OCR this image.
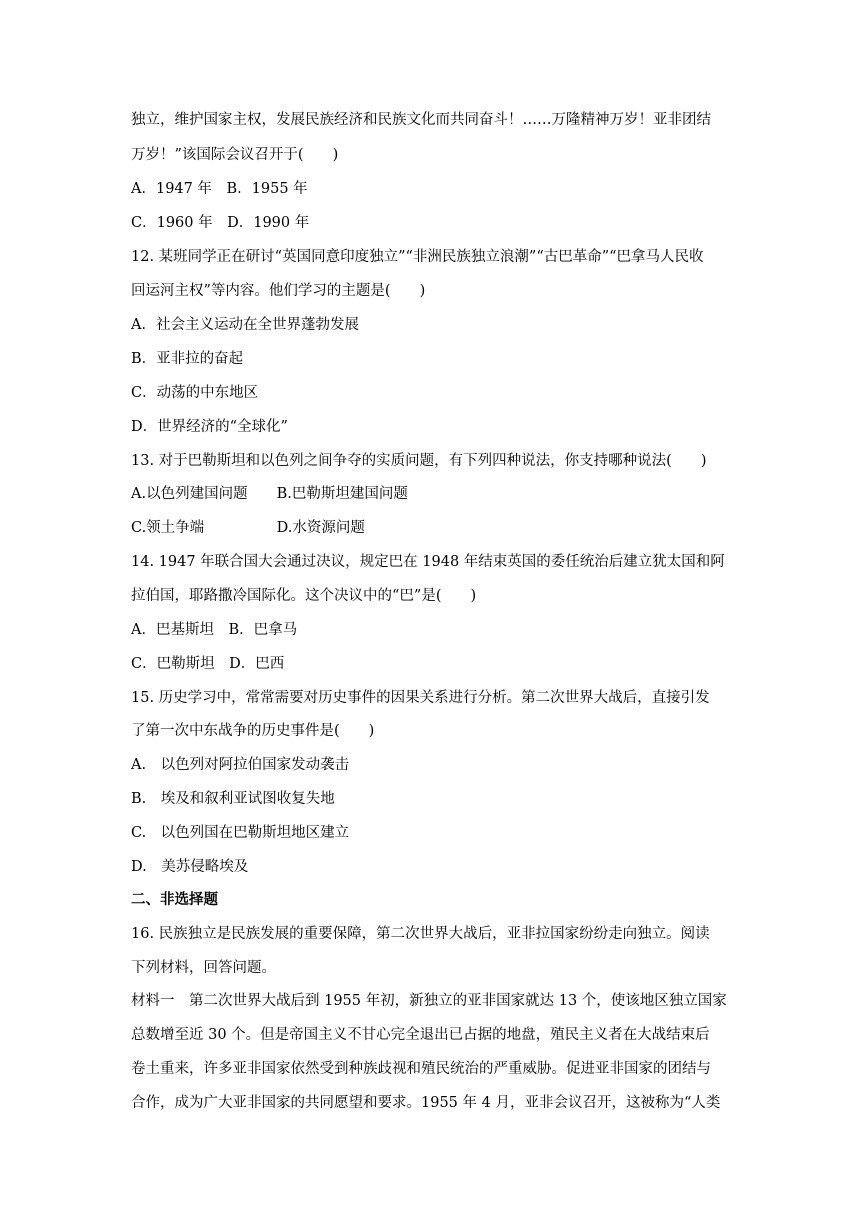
独立，维护国家主权，发展民族经济和民族文化而共同奋斗！……万隆精神万岁！亚非团结
万岁！”该国际会议召开于(　　)
A．1947 年　B．1955 年
C．1960 年　D．1990 年
12. 某班同学正在研讨“英国同意印度独立”“非洲民族独立浪潮”“古巴革命”“巴拿马人民收
回运河主权”等内容。他们学习的主题是(　　)
A．社会主义运动在全世界蓬勃发展
B．亚非拉的奋起
C．动荡的中东地区
D．世界经济的“全球化”
13. 对于巴勒斯坦和以色列之间争夺的实质问题，有下列四种说法，你支持哪种说法(　　)
A.以色列建国问题　　B.巴勒斯坦建国问题
C.领土争端　　　　　D.水资源问题
14. 1947 年联合国大会通过决议，规定巴在 1948 年结束英国的委任统治后建立犹太国和阿
拉伯国，耶路撒冷国际化。这个决议中的“巴”是(　　)
A．巴基斯坦　B．巴拿马
C．巴勒斯坦　D．巴西
15. 历史学习中，常常需要对历史事件的因果关系进行分析。第二次世界大战后，直接引发
了第一次中东战争的历史事件是(　　)
A.　以色列对阿拉伯国家发动袭击
B.　埃及和叙利亚试图收复失地
C.　以色列国在巴勒斯坦地区建立
D.　美苏侵略埃及
二、非选择题
16. 民族独立是民族发展的重要保障，第二次世界大战后，亚非拉国家纷纷走向独立。阅读
下列材料，回答问题。
材料一　第二次世界大战后到 1955 年初，新独立的亚非国家就达 13 个，使该地区独立国家
总数增至近 30 个。但是帝国主义不甘心完全退出已占据的地盘，殖民主义者在大战结束后
卷土重来，许多亚非国家依然受到种族歧视和殖民统治的严重威胁。促进亚非国家的团结与
合作，成为广大亚非国家的共同愿望和要求。1955 年 4 月，亚非会议召开，这被称为“人类
